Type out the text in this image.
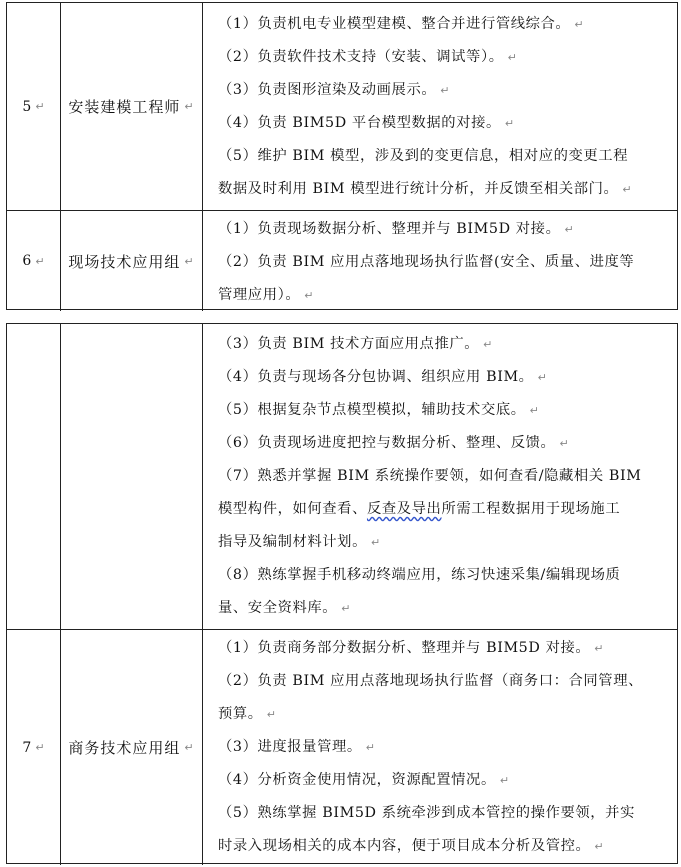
5 ↵ 安装建模工程师 ↵
（1）负责机电专业模型建模、整合并进行管线综合。 ↵
（2）负责软件技术支持（安装、调试等）。 ↵
（3）负责图形渲染及动画展示。 ↵
（4）负责 BIM5D 平台模型数据的对接。 ↵
（5）维护 BIM 模型，涉及到的变更信息，相对应的变更工程
数据及时利用 BIM 模型进行统计分析，并反馈至相关部门。 ↵
6 ↵ 现场技术应用组 ↵
（1）负责现场数据分析、整理并与 BIM5D 对接。 ↵
（2）负责 BIM 应用点落地现场执行监督(安全、质量、进度等
管理应用）。 ↵
（3）负责 BIM 技术方面应用点推广。 ↵
（4）负责与现场各分包协调、组织应用 BIM。 ↵
（5）根据复杂节点模型模拟，辅助技术交底。 ↵
（6）负责现场进度把控与数据分析、整理、反馈。 ↵
（7）熟悉并掌握 BIM 系统操作要领，如何查看/隐藏相关 BIM
模型构件，如何查看、反查及导出所需工程数据用于现场施工
指导及编制材料计划。 ↵
（8）熟练掌握手机移动终端应用，练习快速采集/编辑现场质
量、安全资料库。 ↵
7 ↵ 商务技术应用组 ↵
（1）负责商务部分数据分析、整理并与 BIM5D 对接。 ↵
（2）负责 BIM 应用点落地现场执行监督（商务口：合同管理、
预算。 ↵
（3）进度报量管理。 ↵
（4）分析资金使用情况，资源配置情况。 ↵
（5）熟练掌握 BIM5D 系统牵涉到成本管控的操作要领，并实
时录入现场相关的成本内容，便于项目成本分析及管控。 ↵
